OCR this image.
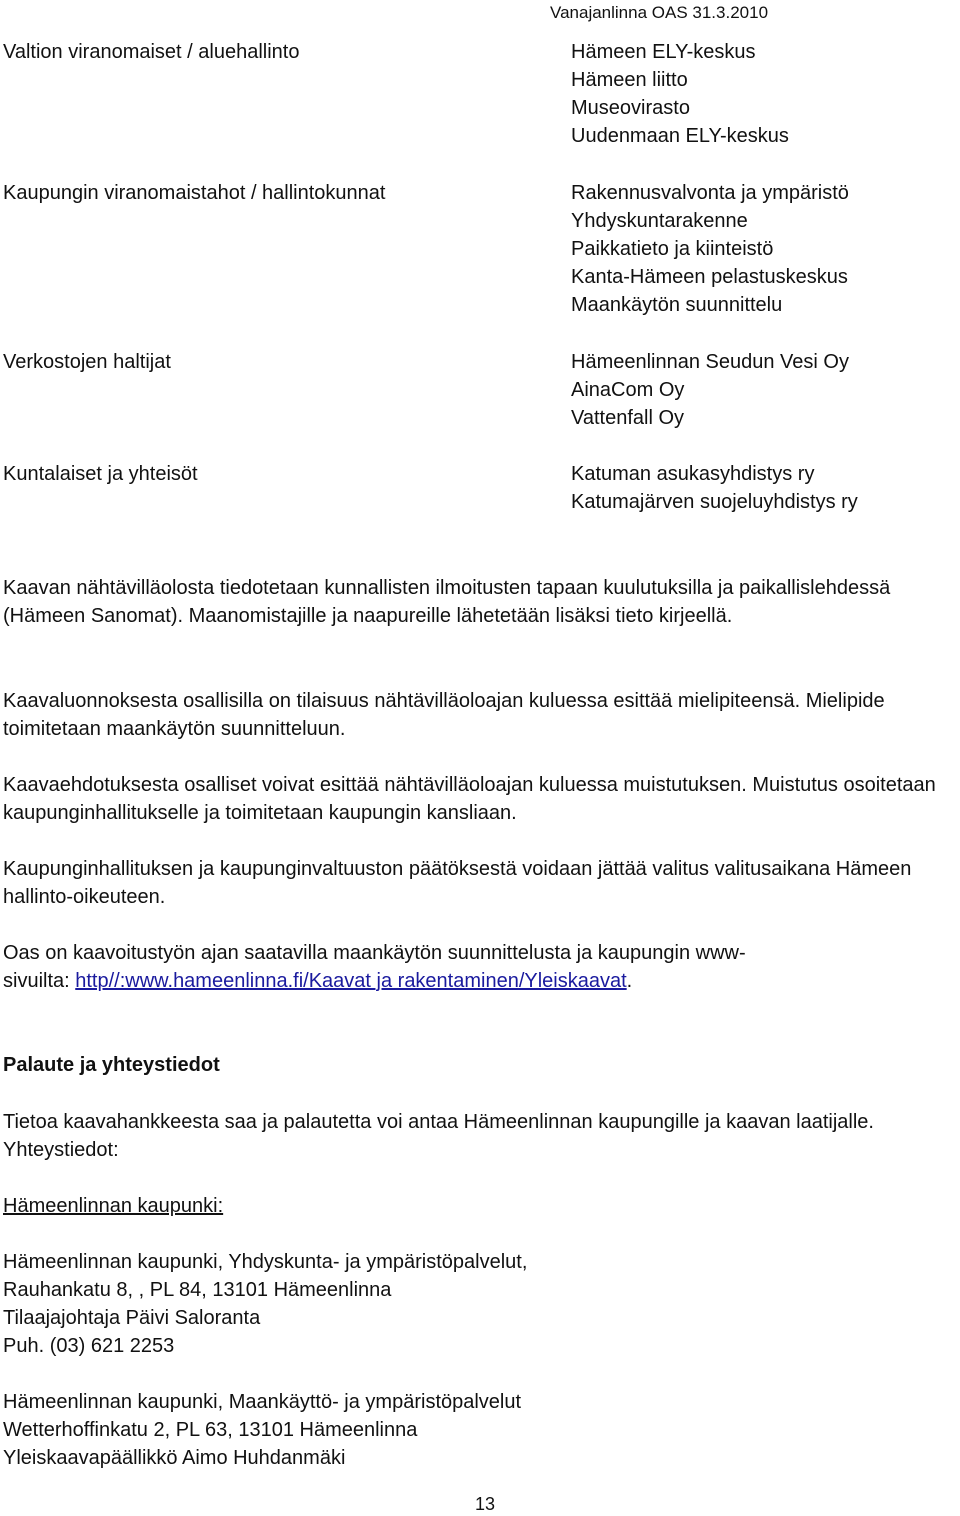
Vanajanlinna OAS 31.3.2010
Valtion viranomaiset / aluehallinto	Hämeen ELY-keskus
Hämeen liitto
Museovirasto
Uudenmaan ELY-keskus
Kaupungin viranomaistahot / hallintokunnat	Rakennusvalvonta ja ympäristö
Yhdyskuntarakenne
Paikkatieto ja kiinteistö
Kanta-Hämeen pelastuskeskus
Maankäytön suunnittelu
Verkostojen haltijat	Hämeenlinnan Seudun Vesi Oy
AinaCom Oy
Vattenfall Oy
Kuntalaiset ja yhteisöt	Katuman asukasyhdistys ry
Katumajärven suojeluyhdistys ry

Kaavan nähtävilläolosta tiedotetaan kunnallisten ilmoitusten tapaan kuulutuksilla ja paikallislehdessä (Hämeen Sanomat). Maanomistajille ja naapureille lähetetään lisäksi tieto kirjeellä.

Kaavaluonnoksesta osallisilla on tilaisuus nähtävilläoloajan kuluessa esittää mielipiteensä. Mielipide toimitetaan maankäytön suunnitteluun.

Kaavaehdotuksesta osalliset voivat esittää nähtävilläoloajan kuluessa muistutuksen. Muistutus osoitetaan kaupunginhallitukselle ja toimitetaan kaupungin kansliaan.

Kaupunginhallituksen ja kaupunginvaltuuston päätöksestä voidaan jättää valitus valitusaikana Hämeen hallinto-oikeuteen.

Oas on kaavoitustyön ajan saatavilla maankäytön suunnittelusta ja kaupungin www-
sivuilta: http//:www.hameenlinna.fi/Kaavat ja rakentaminen/Yleiskaavat.

Palaute ja yhteystiedot

Tietoa kaavahankkeesta saa ja palautetta voi antaa Hämeenlinnan kaupungille ja kaavan laatijalle. Yhteystiedot:

Hämeenlinnan kaupunki:

Hämeenlinnan kaupunki, Yhdyskunta- ja ympäristöpalvelut,

Rauhankatu 8, , PL 84, 13101 Hämeenlinna

Tilaajajohtaja Päivi Saloranta

Puh. (03) 621 2253

Hämeenlinnan kaupunki, Maankäyttö- ja ympäristöpalvelut

Wetterhoffinkatu 2, PL 63, 13101 Hämeenlinna

Yleiskaavapäällikkö Aimo Huhdanmäki

13
